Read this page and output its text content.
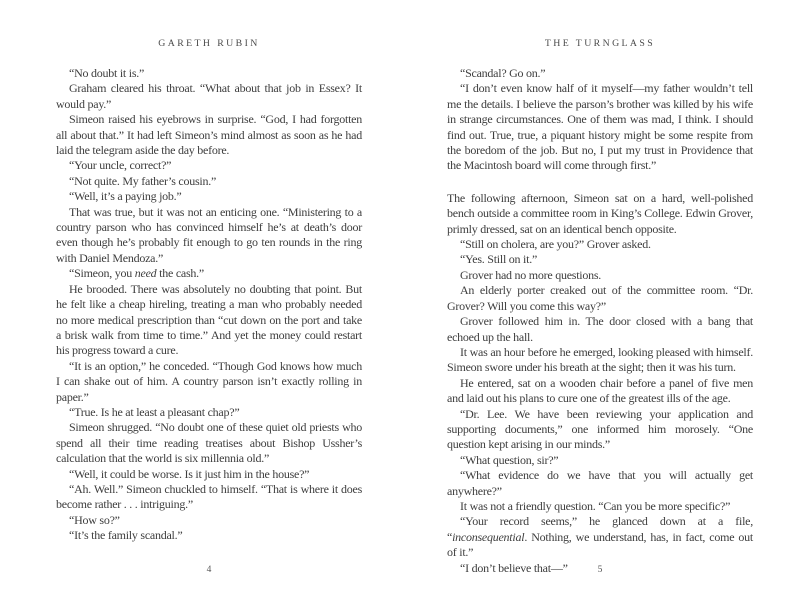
GARETH RUBIN

“No doubt it is.”

Graham cleared his throat. “What about that job in Essex? It would pay.”

Simeon raised his eyebrows in surprise. “God, I had forgotten all about that.” It had left Simeon’s mind almost as soon as he had laid the telegram aside the day before.

“Your uncle, correct?”

“Not quite. My father’s cousin.”

“Well, it’s a paying job.”

That was true, but it was not an enticing one. “Ministering to a country parson who has convinced himself he’s at death’s door even though he’s probably fit enough to go ten rounds in the ring with Daniel Mendoza.”

“Simeon, you need the cash.”

He brooded. There was absolutely no doubting that point. But he felt like a cheap hireling, treating a man who probably needed no more medical prescription than “cut down on the port and take a brisk walk from time to time.” And yet the money could restart his progress toward a cure.

“It is an option,” he conceded. “Though God knows how much I can shake out of him. A country parson isn’t exactly rolling in paper.”

“True. Is he at least a pleasant chap?”

Simeon shrugged. “No doubt one of these quiet old priests who spend all their time reading treatises about Bishop Ussher’s calculation that the world is six millennia old.”

“Well, it could be worse. Is it just him in the house?”

“Ah. Well.” Simeon chuckled to himself. “That is where it does become rather . . . intriguing.”

“How so?”

“It’s the family scandal.”

4
THE TURNGLASS

“Scandal? Go on.”

“I don’t even know half of it myself—my father wouldn’t tell me the details. I believe the parson’s brother was killed by his wife in strange circumstances. One of them was mad, I think. I should find out. True, true, a piquant history might be some respite from the boredom of the job. But no, I put my trust in Providence that the Macintosh board will come through first.”

The following afternoon, Simeon sat on a hard, well-polished bench outside a committee room in King’s College. Edwin Grover, primly dressed, sat on an identical bench opposite.

“Still on cholera, are you?” Grover asked.

“Yes. Still on it.”

Grover had no more questions.

An elderly porter creaked out of the committee room. “Dr. Grover? Will you come this way?”

Grover followed him in. The door closed with a bang that echoed up the hall.

It was an hour before he emerged, looking pleased with himself. Simeon swore under his breath at the sight; then it was his turn.

He entered, sat on a wooden chair before a panel of five men and laid out his plans to cure one of the greatest ills of the age.

“Dr. Lee. We have been reviewing your application and supporting documents,” one informed him morosely. “One question kept arising in our minds.”

“What question, sir?”

“What evidence do we have that you will actually get anywhere?”

It was not a friendly question. “Can you be more specific?”

“Your record seems,” he glanced down at a file, “inconsequential. Nothing, we understand, has, in fact, come out of it.”

“I don’t believe that—”	5
